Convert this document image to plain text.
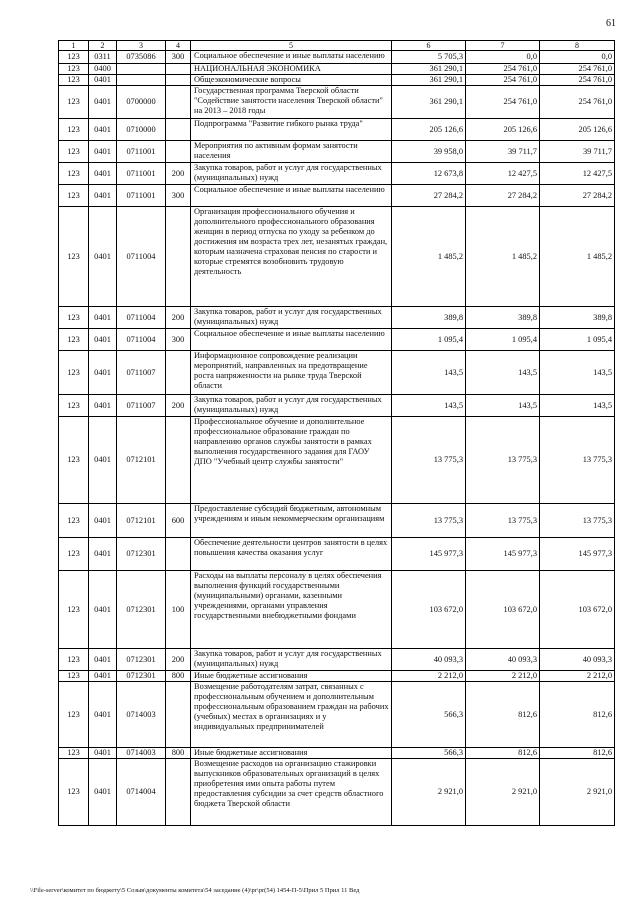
61
1	2	3	4	5	6	7	8
123	0311	0735086	300	Социальное обеспечение и иные выплаты населению	5 705,3	0,0	0,0
123	0400			НАЦИОНАЛЬНАЯ ЭКОНОМИКА	361 290,1	254 761,0	254 761,0
123	0401			Общеэкономические вопросы	361 290,1	254 761,0	254 761,0
123	0401	0700000		Государственная программа Тверской области "Содействие занятости населения Тверской области" на 2013 – 2018 годы	361 290,1	254 761,0	254 761,0
123	0401	0710000		Подпрограмма "Развитие гибкого рынка труда"	205 126,6	205 126,6	205 126,6
123	0401	0711001		Мероприятия по активным формам занятости населения	39 958,0	39 711,7	39 711,7
123	0401	0711001	200	Закупка товаров, работ и услуг для государственных (муниципальных) нужд	12 673,8	12 427,5	12 427,5
123	0401	0711001	300	Социальное обеспечение и иные выплаты населению	27 284,2	27 284,2	27 284,2
123	0401	0711004		Организация профессионального обучения и дополнительного профессионального образования женщин в период отпуска по уходу за ребенком до достижения им возраста трех лет, незанятых граждан, которым назначена страховая пенсия по старости и которые стремятся возобновить трудовую деятельность	1 485,2	1 485,2	1 485,2
123	0401	0711004	200	Закупка товаров, работ и услуг для государственных (муниципальных) нужд	389,8	389,8	389,8
123	0401	0711004	300	Социальное обеспечение и иные выплаты населению	1 095,4	1 095,4	1 095,4
123	0401	0711007		Информационное сопровождение реализации мероприятий, направленных на предотвращение роста напряженности на рынке труда Тверской области	143,5	143,5	143,5
123	0401	0711007	200	Закупка товаров, работ и услуг для государственных (муниципальных) нужд	143,5	143,5	143,5
123	0401	0712101		Профессиональное обучение и дополнительное профессиональное образование граждан по направлению органов службы занятости в рамках выполнения государственного задания для ГАОУ ДПО "Учебный центр службы занятости"	13 775,3	13 775,3	13 775,3
123	0401	0712101	600	Предоставление субсидий бюджетным, автономным учреждениям и иным некоммерческим организациям	13 775,3	13 775,3	13 775,3
123	0401	0712301		Обеспечение деятельности центров занятости в целях повышения качества оказания услуг	145 977,3	145 977,3	145 977,3
123	0401	0712301	100	Расходы на выплаты персоналу в целях обеспечения выполнения функций государственными (муниципальными) органами, казенными учреждениями, органами управления государственными внебюджетными фондами	103 672,0	103 672,0	103 672,0
123	0401	0712301	200	Закупка товаров, работ и услуг для государственных (муниципальных) нужд	40 093,3	40 093,3	40 093,3
123	0401	0712301	800	Иные бюджетные ассигнования	2 212,0	2 212,0	2 212,0
123	0401	0714003		Возмещение работодателям затрат, связанных с профессиональным обучением и дополнительным профессиональным образованием граждан на рабочих (учебных) местах в организациях и у индивидуальных предпринимателей	566,3	812,6	812,6
123	0401	0714003	800	Иные бюджетные ассигнования	566,3	812,6	812,6
123	0401	0714004		Возмещение расходов на организацию стажировки выпускников образовательных организаций в целях приобретения ими опыта работы путем предоставления субсидии за счет средств областного бюджета Тверской области	2 921,0	2 921,0	2 921,0
\\File-server\комитет по бюджету\5 Созыв\документы комитета\54 заседание (4)\pr\pr(54) 1454-П-5\Прил 5 Прил 11 Вед
